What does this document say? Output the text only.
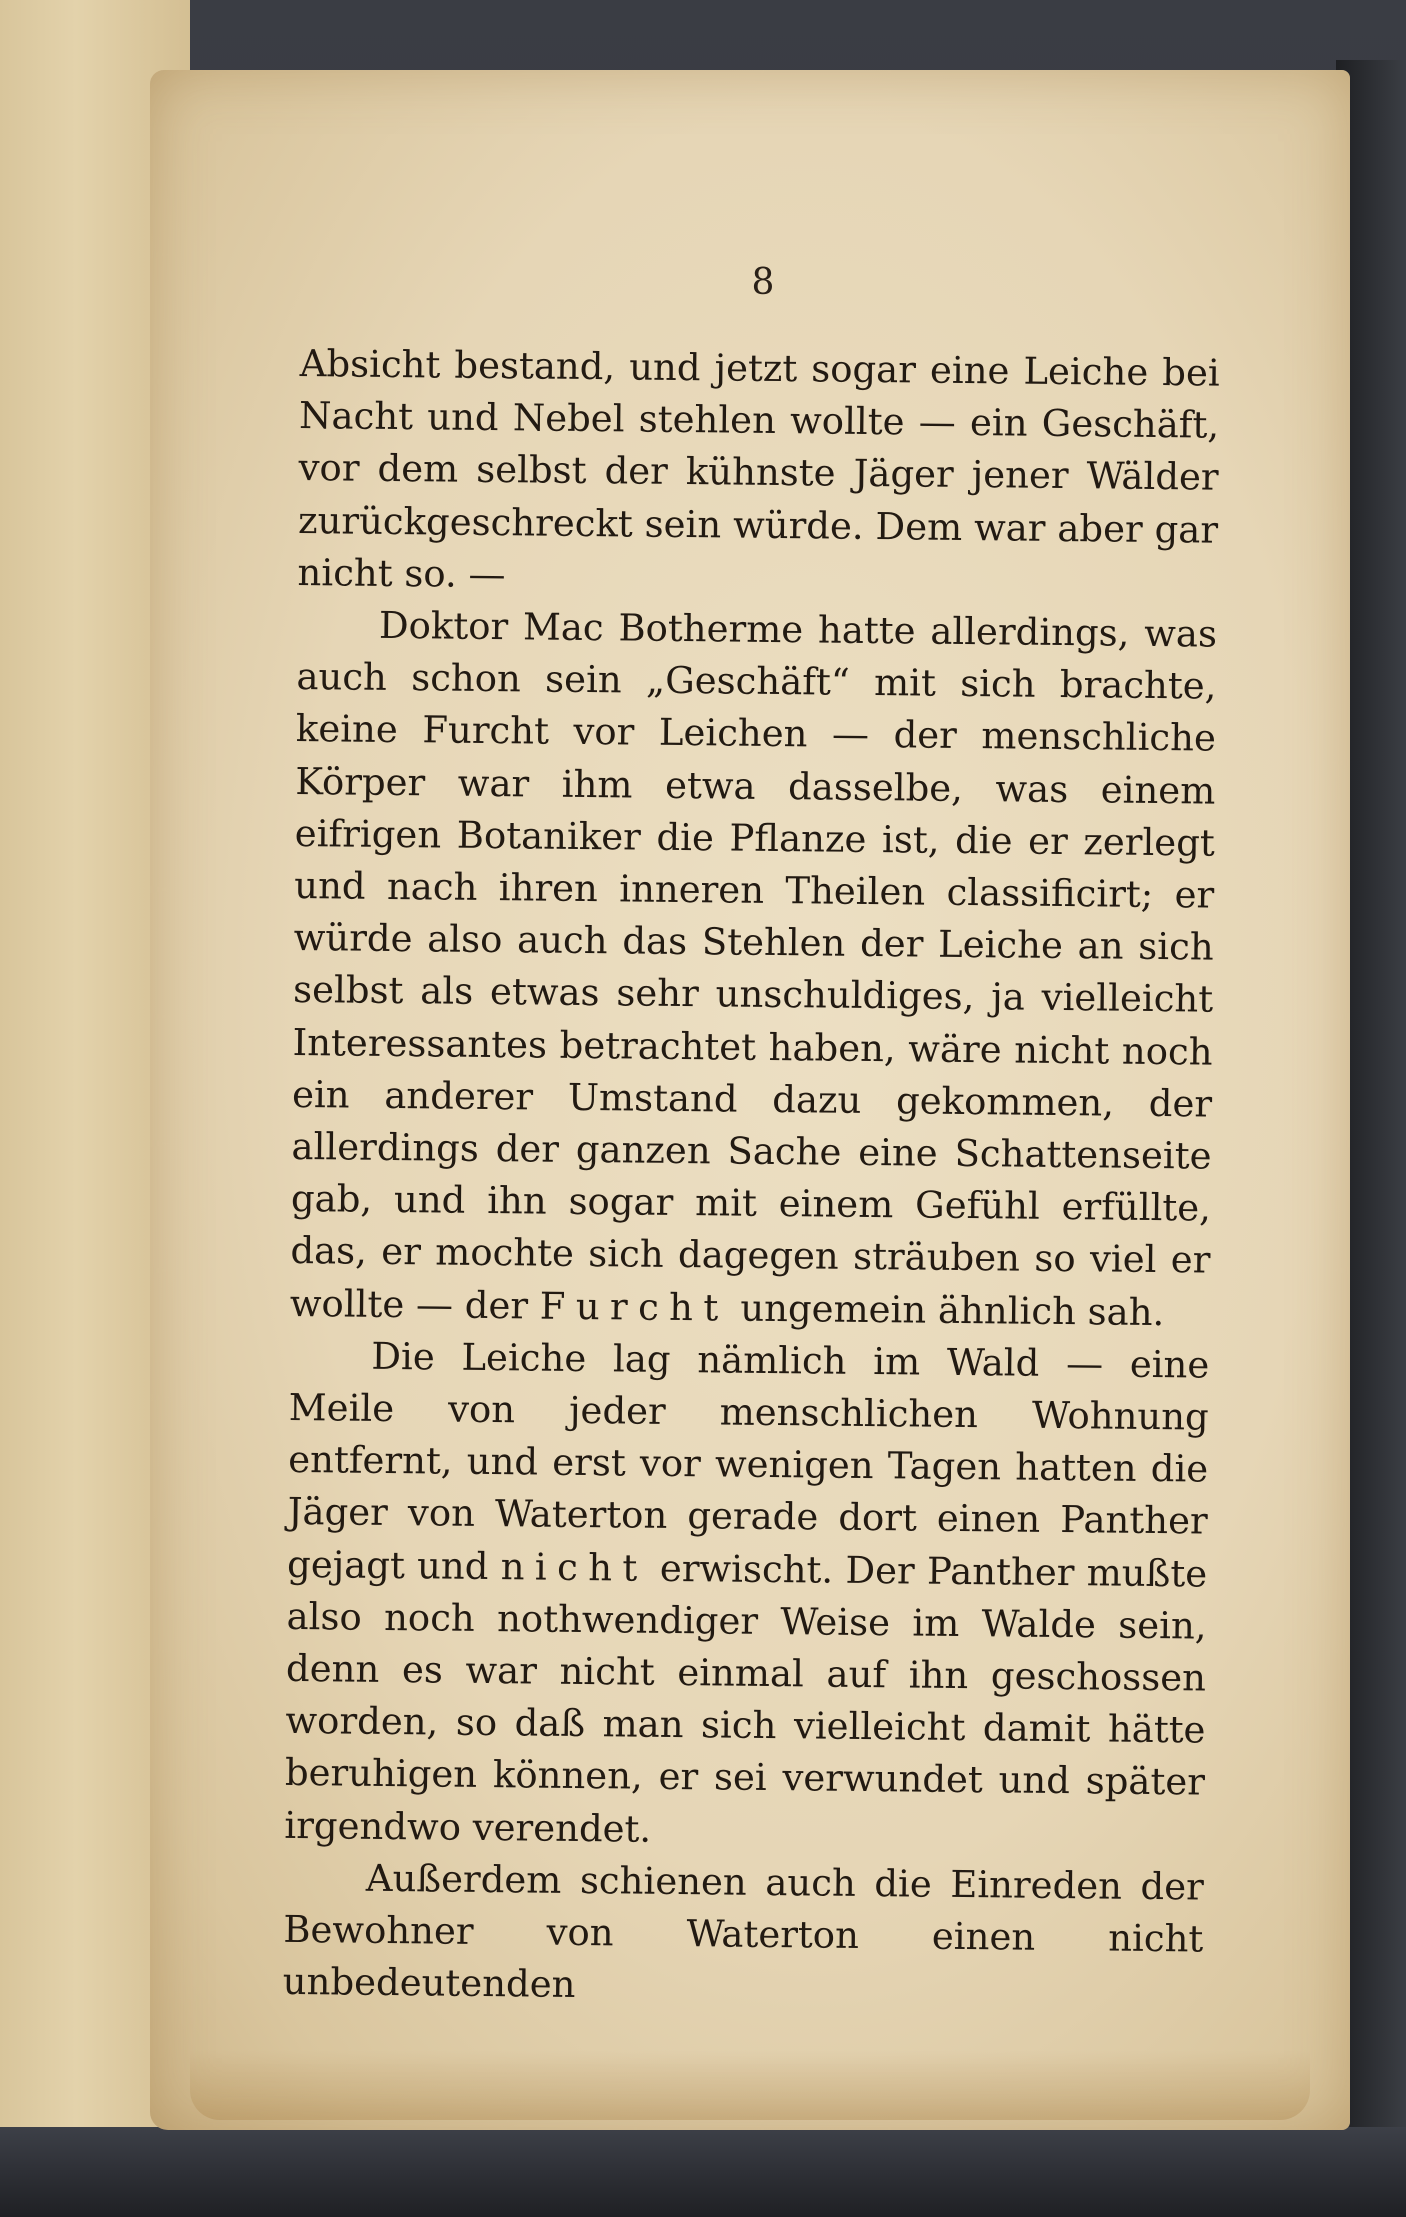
8

Absicht bestand, und jetzt sogar eine Leiche bei Nacht und Nebel stehlen wollte — ein Geschäft, vor dem selbst der kühnste Jäger jener Wälder zurückgeschreckt sein würde. Dem war aber gar nicht so. —

Doktor Mac Botherme hatte allerdings, was auch schon sein „Geschäft“ mit sich brachte, keine Furcht vor Leichen — der menschliche Körper war ihm etwa dasselbe, was einem eifrigen Botaniker die Pflanze ist, die er zerlegt und nach ihren inneren Theilen classificirt; er würde also auch das Stehlen der Leiche an sich selbst als etwas sehr unschuldiges, ja vielleicht Interessantes betrachtet haben, wäre nicht noch ein anderer Umstand dazu gekommen, der allerdings der ganzen Sache eine Schattenseite gab, und ihn sogar mit einem Gefühl erfüllte, das, er mochte sich dagegen sträuben so viel er wollte — der Furcht ungemein ähnlich sah.

Die Leiche lag nämlich im Wald — eine Meile von jeder menschlichen Wohnung entfernt, und erst vor wenigen Tagen hatten die Jäger von Waterton gerade dort einen Panther gejagt und nicht erwischt. Der Panther mußte also noch nothwendiger Weise im Walde sein, denn es war nicht einmal auf ihn geschossen worden, so daß man sich vielleicht damit hätte beruhigen können, er sei verwundet und später irgendwo verendet.

Außerdem schienen auch die Einreden der Bewohner von Waterton einen nicht unbedeutenden
